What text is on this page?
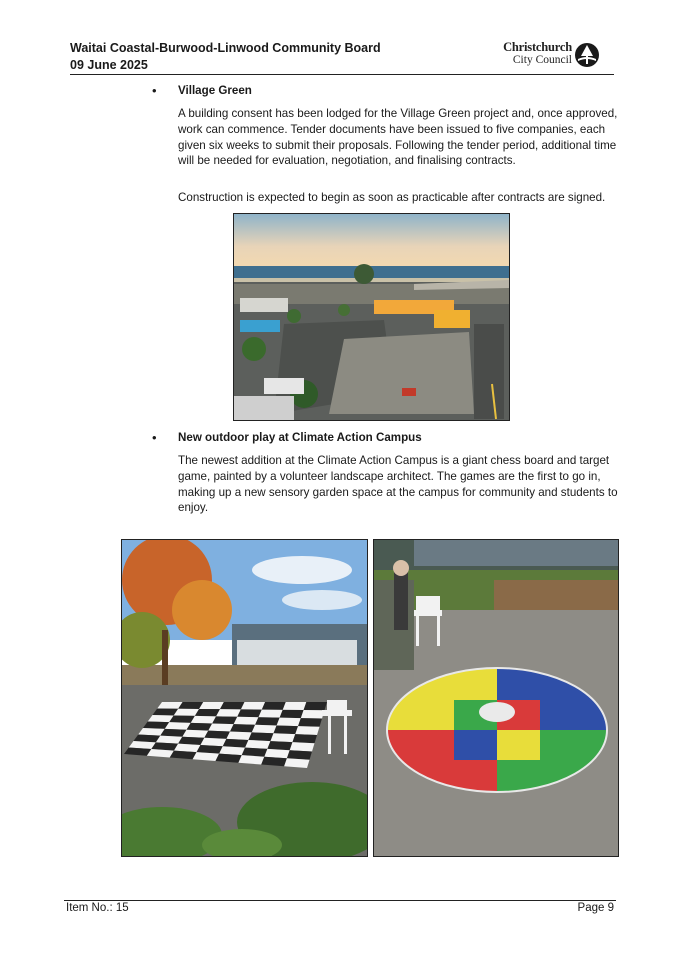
Waitai Coastal-Burwood-Linwood Community Board
09 June 2025
Christchurch
City Council
• Village Green
A building consent has been lodged for the Village Green project and, once approved, work can commence. Tender documents have been issued to five companies, each given six weeks to submit their proposals. Following the tender period, additional time will be needed for evaluation, negotiation, and finalising contracts.
Construction is expected to begin as soon as practicable after contracts are signed.
• New outdoor play at Climate Action Campus
The newest addition at the Climate Action Campus is a giant chess board and target game, painted by a volunteer landscape architect. The games are the first to go in, making up a new sensory garden space at the campus for community and students to enjoy.
Item No.: 15	Page 9
